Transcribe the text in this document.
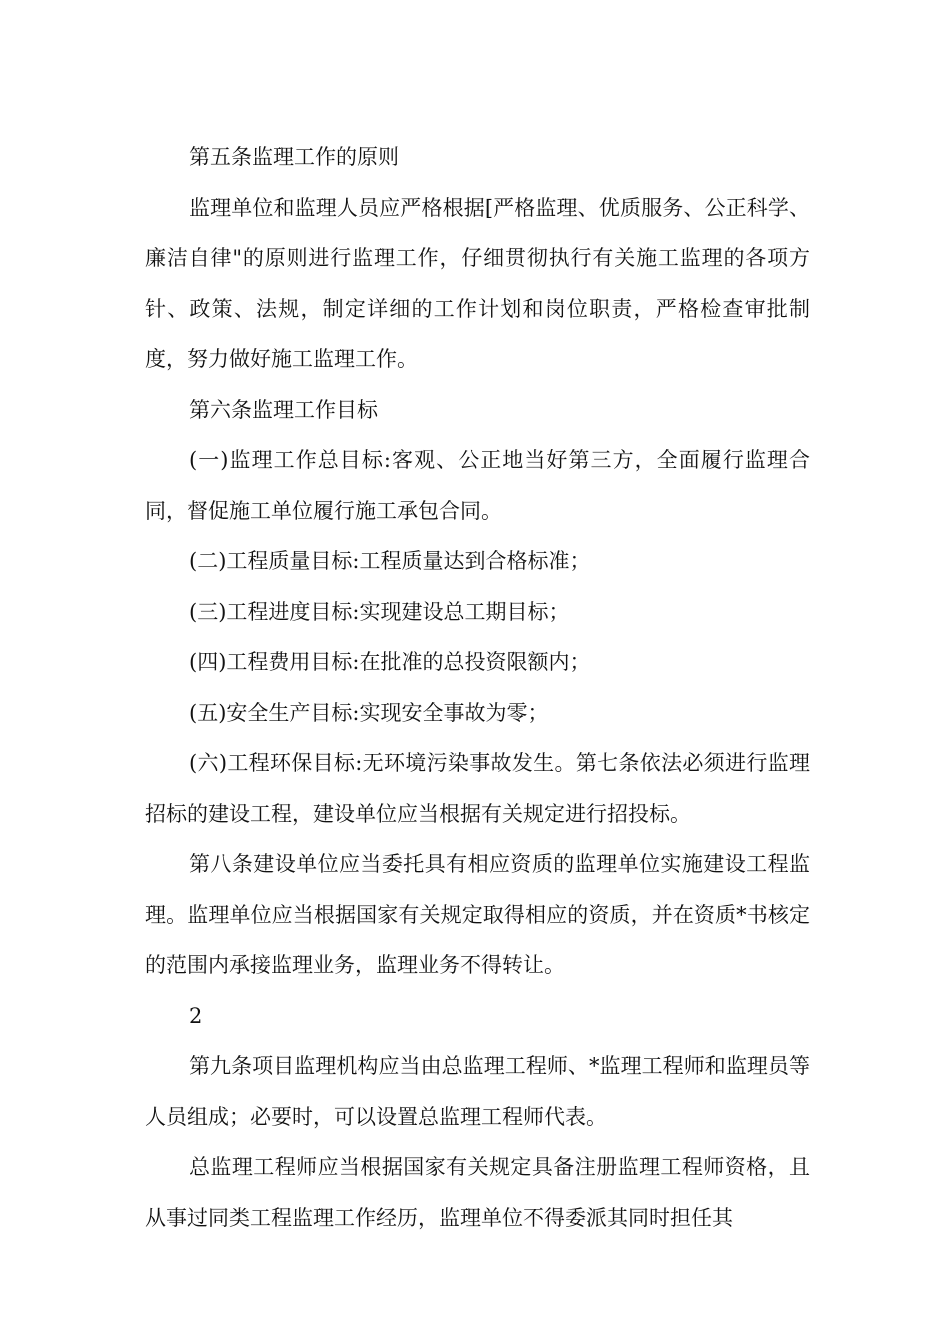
第五条监理工作的原则

监理单位和监理人员应严格根据[严格监理、优质服务、公正科学、廉洁自律"的原则进行监理工作，仔细贯彻执行有关施工监理的各项方针、政策、法规，制定详细的工作计划和岗位职责，严格检查审批制度，努力做好施工监理工作。

第六条监理工作目标

(一)监理工作总目标:客观、公正地当好第三方，全面履行监理合同，督促施工单位履行施工承包合同。

(二)工程质量目标:工程质量达到合格标准；

(三)工程进度目标:实现建设总工期目标；

(四)工程费用目标:在批准的总投资限额内；

(五)安全生产目标:实现安全事故为零；

(六)工程环保目标:无环境污染事故发生。第七条依法必须进行监理招标的建设工程，建设单位应当根据有关规定进行招投标。

第八条建设单位应当委托具有相应资质的监理单位实施建设工程监理。监理单位应当根据国家有关规定取得相应的资质，并在资质*书核定的范围内承接监理业务，监理业务不得转让。

2

第九条项目监理机构应当由总监理工程师、*监理工程师和监理员等人员组成；必要时，可以设置总监理工程师代表。

总监理工程师应当根据国家有关规定具备注册监理工程师资格，且从事过同类工程监理工作经历，监理单位不得委派其同时担任其
